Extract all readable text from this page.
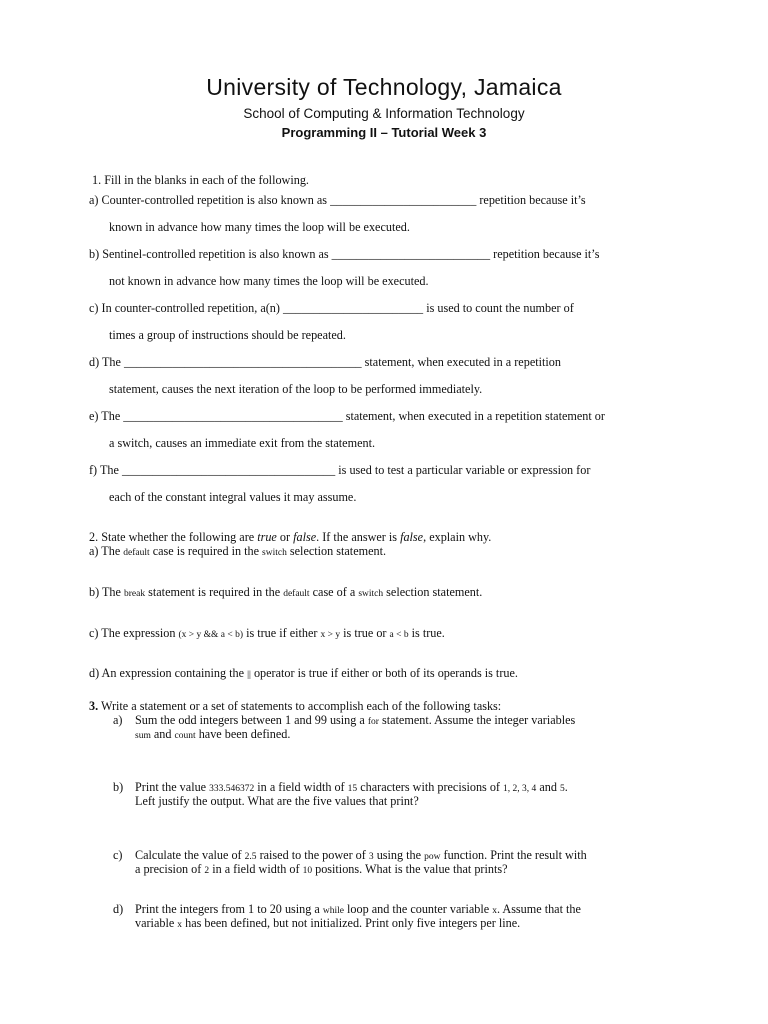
University of Technology, Jamaica
School of Computing & Information Technology
Programming II – Tutorial Week 3
1. Fill in the blanks in each of the following.
a) Counter-controlled repetition is also known as ________________________ repetition because it’s
known in advance how many times the loop will be executed.
b) Sentinel-controlled repetition is also known as __________________________ repetition because it’s
not known in advance how many times the loop will be executed.
c) In counter-controlled repetition, a(n) _______________________ is used to count the number of
times a group of instructions should be repeated.
d) The _______________________________________ statement, when executed in a repetition
statement, causes the next iteration of the loop to be performed immediately.
e) The ____________________________________ statement, when executed in a repetition statement or
a switch, causes an immediate exit from the statement.
f) The ___________________________________ is used to test a particular variable or expression for
each of the constant integral values it may assume.
2. State whether the following are true or false. If the answer is false, explain why.
a) The default case is required in the switch selection statement.
b) The break statement is required in the default case of a switch selection statement.
c) The expression (x > y && a < b) is true if either x > y is true or a < b is true.
d) An expression containing the || operator is true if either or both of its operands is true.
3. Write a statement or a set of statements to accomplish each of the following tasks:
a) Sum the odd integers between 1 and 99 using a for statement. Assume the integer variables
sum and count have been defined.
b) Print the value 333.546372 in a field width of 15 characters with precisions of 1, 2, 3, 4 and 5.
Left justify the output. What are the five values that print?
c) Calculate the value of 2.5 raised to the power of 3 using the pow function. Print the result with
a precision of 2 in a field width of 10 positions. What is the value that prints?
d) Print the integers from 1 to 20 using a while loop and the counter variable x. Assume that the
variable x has been defined, but not initialized. Print only five integers per line.
